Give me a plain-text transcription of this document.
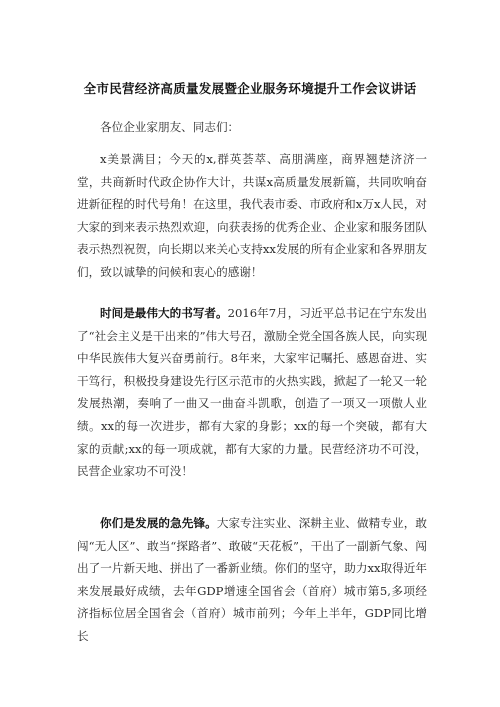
全市民营经济高质量发展暨企业服务环境提升工作会议讲话
各位企业家朋友、同志们：
x美景满目；今天的x,群英荟萃、高朋满座，商界翘楚济济一堂，共商新时代政企协作大计，共谋x高质量发展新篇，共同吹响奋进新征程的时代号角！在这里，我代表市委、市政府和x万x人民，对大家的到来表示热烈欢迎，向获表扬的优秀企业、企业家和服务团队表示热烈祝贺，向长期以来关心支持xx发展的所有企业家和各界朋友们，致以诚挚的问候和衷心的感谢！
时间是最伟大的书写者。2016年7月，习近平总书记在宁东发出了“社会主义是干出来的”伟大号召，激励全党全国各族人民，向实现中华民族伟大复兴奋勇前行。8年来，大家牢记嘱托、感恩奋进、实干笃行，积极投身建设先行区示范市的火热实践，掀起了一轮又一轮发展热潮，奏响了一曲又一曲奋斗凯歌，创造了一项又一项傲人业绩。xx的每一次进步，都有大家的身影；xx的每一个突破，都有大家的贡献;xx的每一项成就，都有大家的力量。民营经济功不可没，民营企业家功不可没！
你们是发展的急先锋。大家专注实业、深耕主业、做精专业，敢闯“无人区”、敢当“探路者”、敢破“天花板”，干出了一副新气象、闯出了一片新天地、拼出了一番新业绩。你们的坚守，助力xx取得近年来发展最好成绩，去年GDP增速全国省会（首府）城市第5,多项经济指标位居全国省会（首府）城市前列；今年上半年，GDP同比增长
